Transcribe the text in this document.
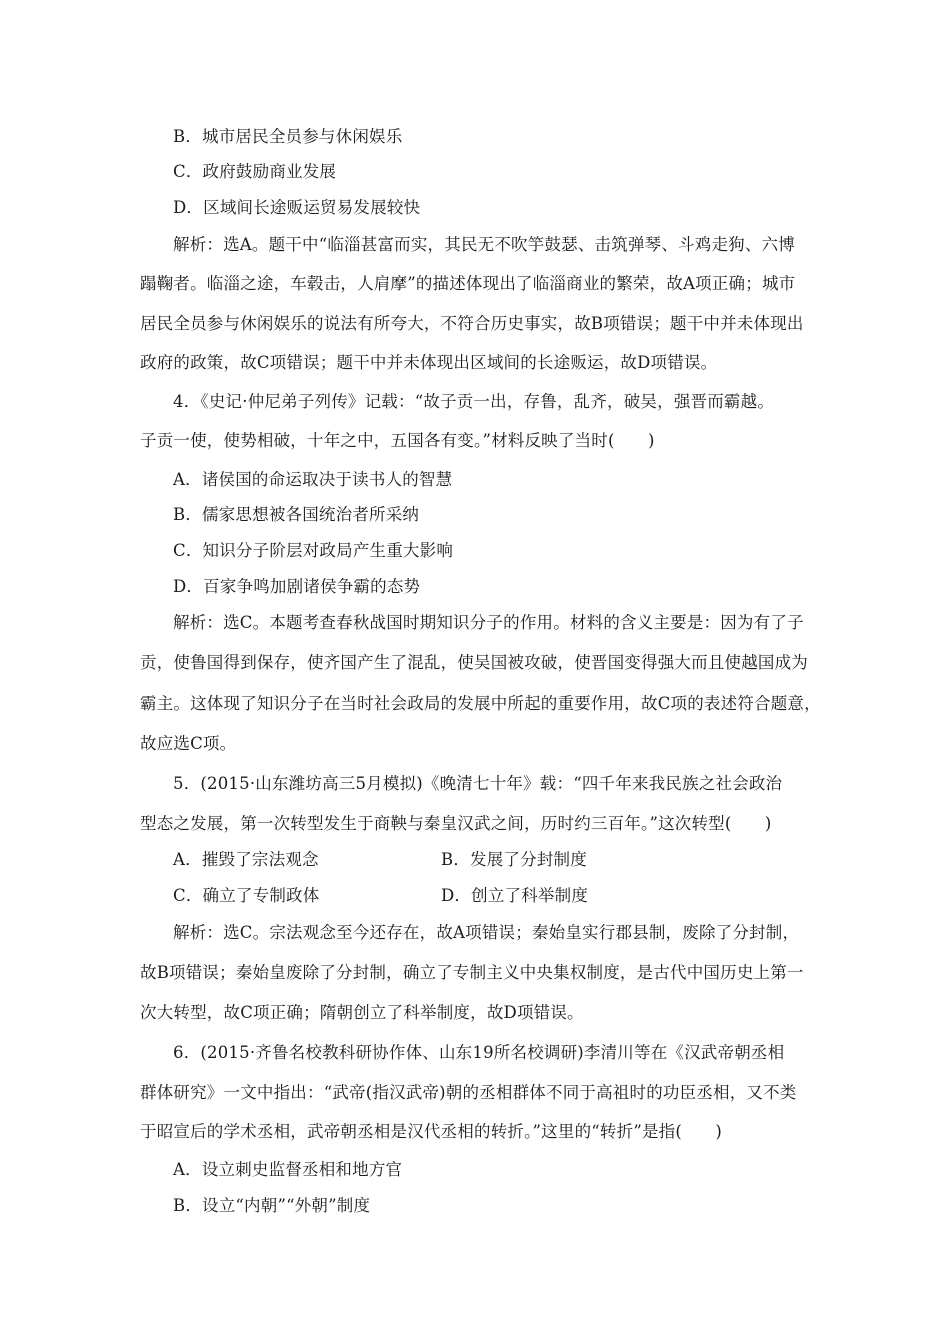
B．城市居民全员参与休闲娱乐
C．政府鼓励商业发展
D．区域间长途贩运贸易发展较快
解析：选A。题干中“临淄甚富而实，其民无不吹竽鼓瑟、击筑弹琴、斗鸡走狗、六博
蹋鞠者。临淄之途，车毂击，人肩摩”的描述体现出了临淄商业的繁荣，故A项正确；城市
居民全员参与休闲娱乐的说法有所夸大，不符合历史事实，故B项错误；题干中并未体现出
政府的政策，故C项错误；题干中并未体现出区域间的长途贩运，故D项错误。
4．《史记·仲尼弟子列传》记载：“故子贡一出，存鲁，乱齐，破吴，强晋而霸越。
子贡一使，使势相破，十年之中，五国各有变。”材料反映了当时(　　)
A．诸侯国的命运取决于读书人的智慧
B．儒家思想被各国统治者所采纳
C．知识分子阶层对政局产生重大影响
D．百家争鸣加剧诸侯争霸的态势
解析：选C。本题考查春秋战国时期知识分子的作用。材料的含义主要是：因为有了子
贡，使鲁国得到保存，使齐国产生了混乱，使吴国被攻破，使晋国变得强大而且使越国成为
霸主。这体现了知识分子在当时社会政局的发展中所起的重要作用，故C项的表述符合题意，
故应选C项。
5．(2015·山东潍坊高三5月模拟)《晚清七十年》载：“四千年来我民族之社会政治
型态之发展，第一次转型发生于商鞅与秦皇汉武之间，历时约三百年。”这次转型(　　)
A．摧毁了宗法观念	B．发展了分封制度
C．确立了专制政体	D．创立了科举制度
解析：选C。宗法观念至今还存在，故A项错误；秦始皇实行郡县制，废除了分封制，
故B项错误；秦始皇废除了分封制，确立了专制主义中央集权制度，是古代中国历史上第一
次大转型，故C项正确；隋朝创立了科举制度，故D项错误。
6．(2015·齐鲁名校教科研协作体、山东19所名校调研)李清川等在《汉武帝朝丞相
群体研究》一文中指出：“武帝(指汉武帝)朝的丞相群体不同于高祖时的功臣丞相，又不类
于昭宣后的学术丞相，武帝朝丞相是汉代丞相的转折。”这里的“转折”是指(　　)
A．设立刺史监督丞相和地方官
B．设立“内朝”“外朝”制度
